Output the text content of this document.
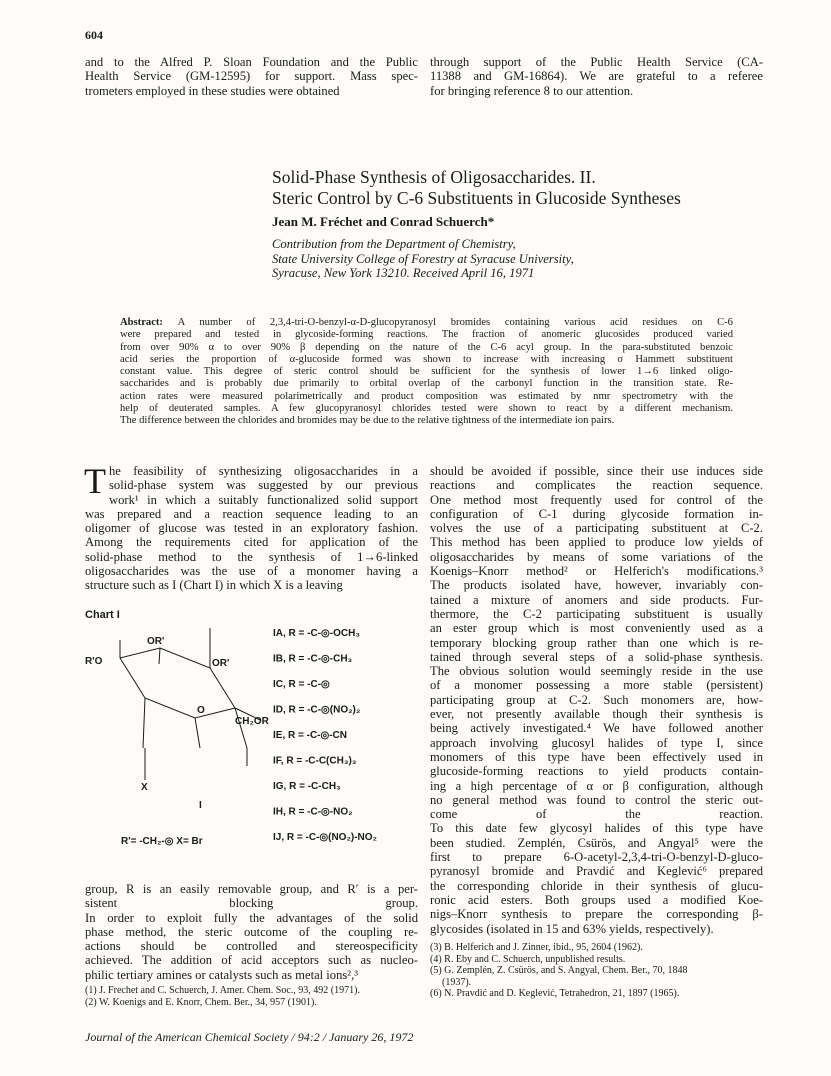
604

and to the Alfred P. Sloan Foundation and the Public
Health Service (GM-12595) for support. Mass spec-
trometers employed in these studies were obtained

through support of the Public Health Service (CA-
11388 and GM-16864). We are grateful to a referee
for bringing reference 8 to our attention.

Solid-Phase Synthesis of Oligosaccharides. II.
Steric Control by C-6 Substituents in Glucoside Syntheses
Jean M. Fréchet and Conrad Schuerch*
Contribution from the Department of Chemistry,
State University College of Forestry at Syracuse University,
Syracuse, New York 13210. Received April 16, 1971
Abstract: A number of 2,3,4-tri-O-benzyl-α-D-glucopyranosyl bromides containing various acid residues on C-6
were prepared and tested in glycoside-forming reactions. The fraction of anomeric glucosides produced varied
from over 90% α to over 90% β depending on the nature of the C-6 acyl group. In the para-substituted benzoic
acid series the proportion of α-glucoside formed was shown to increase with increasing σ Hammett substituent
constant value. This degree of steric control should be sufficient for the synthesis of lower 1→6 linked oligo-
saccharides and is probably due primarily to orbital overlap of the carbonyl function in the transition state. Re-
action rates were measured polarimetrically and product composition was estimated by nmr spectrometry with the
help of deuterated samples. A few glucopyranosyl chlorides tested were shown to react by a different mechanism.
The difference between the chlorides and bromides may be due to the relative tightness of the intermediate ion pairs.
T he feasibility of synthesizing oligosaccharides in a
solid-phase system was suggested by our previous
work¹ in which a suitably functionalized solid support
was prepared and a reaction sequence leading to an
oligomer of glucose was tested in an exploratory fashion.
Among the requirements cited for application of the
solid-phase method to the synthesis of 1→6-linked
oligosaccharides was the use of a monomer having a
structure such as I (Chart I) in which X is a leaving

Chart I
OR'
R'O	OR'
O
CH₂OR
X
I
R'= -CH₂-◎ X= Br
IA, R = -C-◎-OCH₃
IB, R = -C-◎-CH₃
IC, R = -C-◎
ID, R = -C-◎(NO₂)₂
IE, R = -C-◎-CN
IF, R = -C-C(CH₃)₃
IG, R = -C-CH₃
IH, R = -C-◎-NO₂
IJ, R = -C-◎(NO₂)-NO₂

group, R is an easily removable group, and R′ is a per-
sistent blocking group.
In order to exploit fully the advantages of the solid
phase method, the steric outcome of the coupling re-
actions should be controlled and stereospecificity
achieved. The addition of acid acceptors such as nucleo-
philic tertiary amines or catalysts such as metal ions²,³

(1) J. Frechet and C. Schuerch, J. Amer. Chem. Soc., 93, 492 (1971).

(2) W. Koenigs and E. Knorr, Chem. Ber., 34, 957 (1901).

should be avoided if possible, since their use induces side
reactions and complicates the reaction sequence.
One method most frequently used for control of the
configuration of C-1 during glycoside formation in-
volves the use of a participating substituent at C-2.
This method has been applied to produce low yields of
oligosaccharides by means of some variations of the
Koenigs–Knorr method² or Helferich's modifications.³
The products isolated have, however, invariably con-
tained a mixture of anomers and side products. Fur-
thermore, the C-2 participating substituent is usually
an ester group which is most conveniently used as a
temporary blocking group rather than one which is re-
tained through several steps of a solid-phase synthesis.
The obvious solution would seemingly reside in the use
of a monomer possessing a more stable (persistent)
participating group at C-2. Such monomers are, how-
ever, not presently available though their synthesis is
being actively investigated.⁴ We have followed another
approach involving glucosyl halides of type I, since
monomers of this type have been effectively used in
glucoside-forming reactions to yield products contain-
ing a high percentage of α or β configuration, although
no general method was found to control the steric out-
come of the reaction.
To this date few glycosyl halides of this type have
been studied. Zemplén, Csürös, and Angyal⁵ were the
first to prepare 6-O-acetyl-2,3,4-tri-O-benzyl-D-gluco-
pyranosyl bromide and Pravdić and Keglević⁶ prepared
the corresponding chloride in their synthesis of glucu-
ronic acid esters. Both groups used a modified Koe-
nigs–Knorr synthesis to prepare the corresponding β-
glycosides (isolated in 15 and 63% yields, respectively).

(3) B. Helferich and J. Zinner, ibid., 95, 2604 (1962).

(4) R. Eby and C. Schuerch, unpublished results.

(5) G. Zemplén, Z. Csürös, and S. Angyal, Chem. Ber., 70, 1848

(1937).

(6) N. Pravdić and D. Keglević, Tetrahedron, 21, 1897 (1965).

Journal of the American Chemical Society / 94:2 / January 26, 1972
